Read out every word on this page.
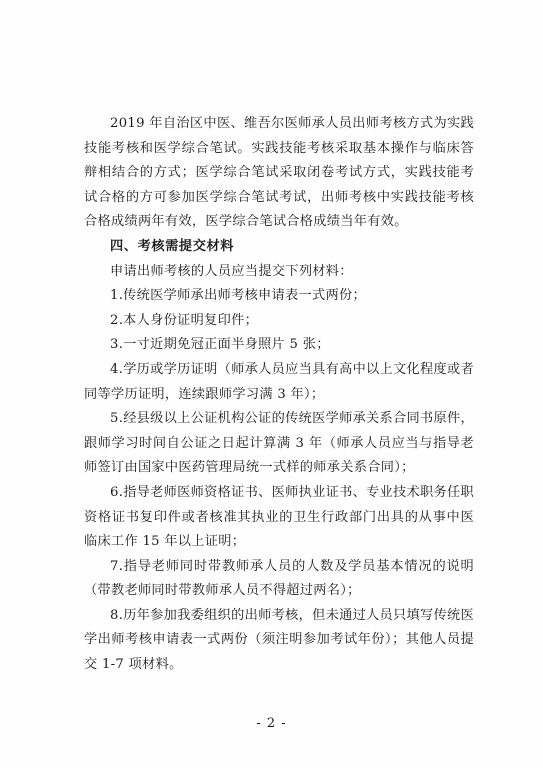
2019 年自治区中医、维吾尔医师承人员出师考核方式为实践技能考核和医学综合笔试。实践技能考核采取基本操作与临床答辩相结合的方式；医学综合笔试采取闭卷考试方式，实践技能考试合格的方可参加医学综合笔试考试，出师考核中实践技能考核合格成绩两年有效，医学综合笔试合格成绩当年有效。

四、考核需提交材料

申请出师考核的人员应当提交下列材料：

1.传统医学师承出师考核申请表一式两份；

2.本人身份证明复印件；

3.一寸近期免冠正面半身照片 5 张；

4.学历或学历证明（师承人员应当具有高中以上文化程度或者同等学历证明，连续跟师学习满 3 年）；

5.经县级以上公证机构公证的传统医学师承关系合同书原件，跟师学习时间自公证之日起计算满 3 年（师承人员应当与指导老师签订由国家中医药管理局统一式样的师承关系合同）；

6.指导老师医师资格证书、医师执业证书、专业技术职务任职资格证书复印件或者核准其执业的卫生行政部门出具的从事中医临床工作 15 年以上证明；

7.指导老师同时带教师承人员的人数及学员基本情况的说明（带教老师同时带教师承人员不得超过两名）；

8.历年参加我委组织的出师考核，但未通过人员只填写传统医学出师考核申请表一式两份（须注明参加考试年份）；其他人员提交 1-7 项材料。

- 2 -
